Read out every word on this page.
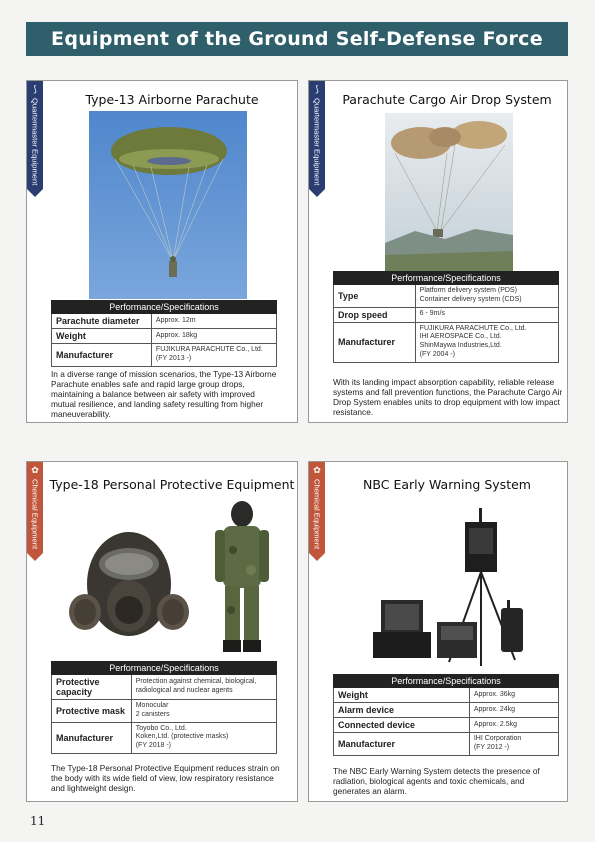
Equipment of the Ground Self-Defense Force
⟆
Quartermaster Equipment	Type-13 Airborne Parachute
Performance/Specifications	
Parachute diameter	Approx. 12m
Weight	Approx. 18kg
Manufacturer	FUJIKURA PARACHUTE Co., Ltd.
(FY 2013 -)
In a diverse range of mission scenarios, the Type-13 Airborne Parachute enables safe and rapid large group drops, maintaining a balance between air safety with improved mutual resilience, and landing safety resulting from higher maneuverability.
⟆
Quartermaster Equipment	Parachute Cargo Air Drop System
Performance/Specifications	
Type	Platform delivery system (PDS)
Container delivery system (CDS)
Drop speed	6 - 9m/s
Manufacturer	FUJIKURA PARACHUTE Co., Ltd.
IHI AEROSPACE Co., Ltd.
ShinMaywa Industries,Ltd.
(FY 2004 -)
With its landing impact absorption capability, reliable release systems and fall prevention functions, the Parachute Cargo Air Drop System enables units to drop equipment with low impact resistance.
✿
Chemical Equipment Type-18 Personal Protective Equipment
Performance/Specifications	
Protective capacity	Protection against chemical, biological, radiological and nuclear agents
Protective mask	Monocular
2 canisters
Manufacturer	Toyobo Co., Ltd.
Koken,Ltd. (protective masks)
(FY 2018 -)
The Type-18 Personal Protective Equipment reduces strain on the body with its wide field of view, low respiratory resistance and lightweight design.
✿
Chemical Equipment	NBC Early Warning System
Performance/Specifications	
Weight	Approx. 36kg
Alarm device	Approx. 24kg
Connected device	Approx. 2.5kg
Manufacturer	IHI Corporation
(FY 2012 -)
The NBC Early Warning System detects the presence of radiation, biological agents and toxic chemicals, and generates an alarm.
11
